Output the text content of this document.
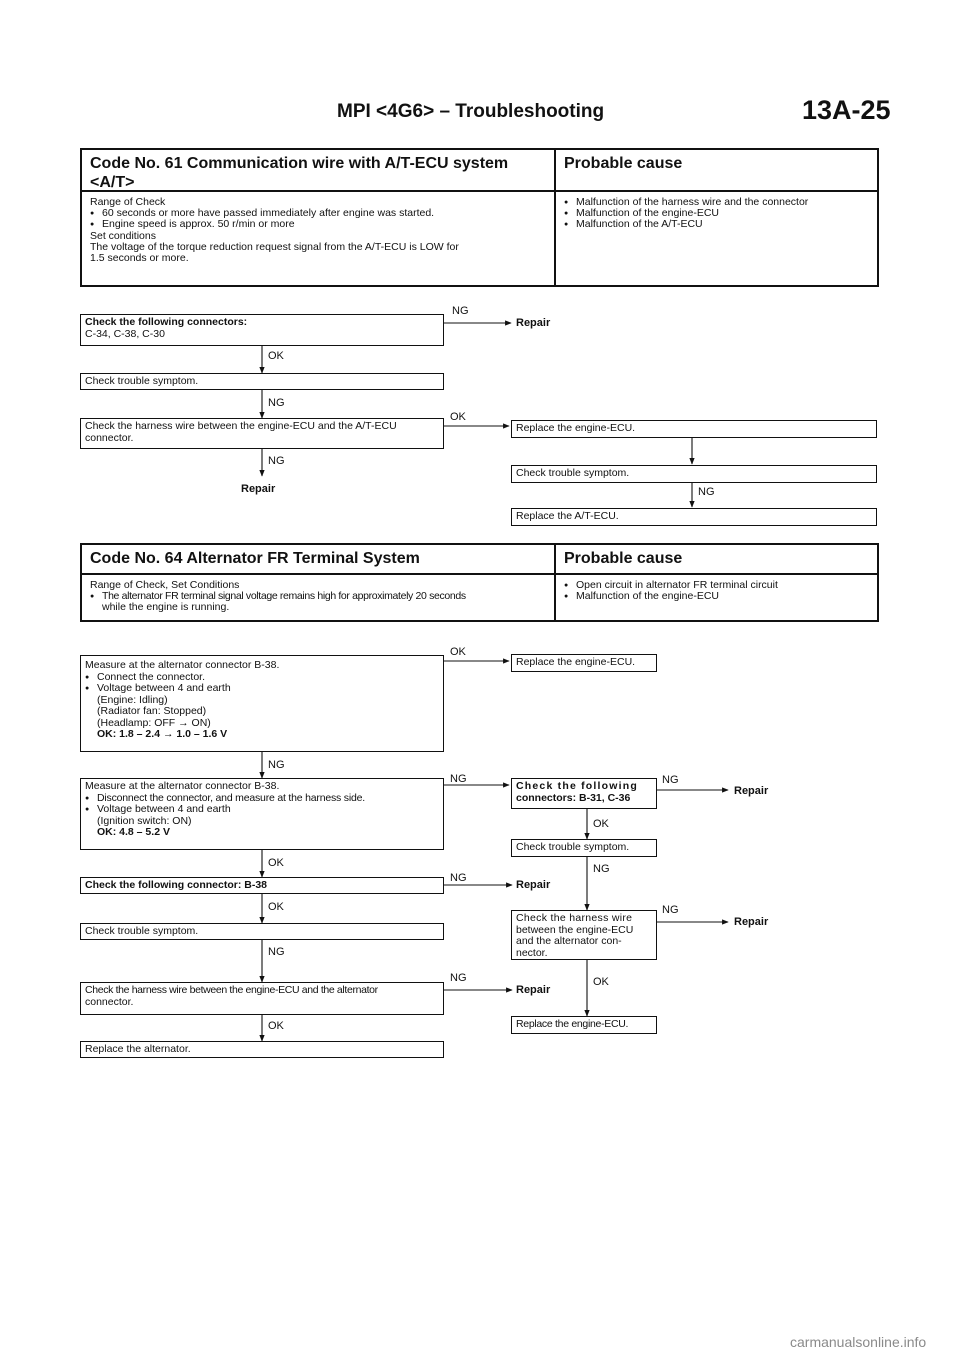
MPI <4G6> – Troubleshooting	13A-25
Code No. 61 Communication wire with A/T-ECU system
<A/T>
Probable cause
Range of Check
● 60 seconds or more have passed immediately after engine was started.
● Engine speed is approx. 50 r/min or more
Set conditions
The voltage of the torque reduction request signal from the A/T-ECU is LOW for
1.5 seconds or more.
● Malfunction of the harness wire and the connector
● Malfunction of the engine-ECU
● Malfunction of the A/T-ECU
Check the following connectors:
C-34, C-38, C-30
NG
Repair
OK
Check trouble symptom.
NG
Check the harness wire between the engine-ECU and the A/T-ECU
connector.
OK
NG
Repair
Replace the engine-ECU.
Check trouble symptom.
NG
Replace the A/T-ECU.
Code No. 64 Alternator FR Terminal System	Probable cause
Range of Check, Set Conditions
● The alternator FR terminal signal voltage remains high for approximately 20 seconds
while the engine is running.
● Open circuit in alternator FR terminal circuit
● Malfunction of the engine-ECU
Measure at the alternator connector B-38.
● Connect the connector.
● Voltage between 4 and earth
(Engine: Idling)
(Radiator fan: Stopped)
(Headlamp: OFF → ON)
OK: 1.8 – 2.4 → 1.0 – 1.6 V
OK
Replace the engine-ECU.
NG
Measure at the alternator connector B-38.
● Disconnect the connector, and measure at the harness side.
● Voltage between 4 and earth
(Ignition switch: ON)
OK: 4.8 – 5.2 V
NG
Check the following
connectors: B-31, C-36
NG
Repair
OK
Check trouble symptom.
OK
Check the following connector: B-38
NG
Repair
NG
Check the harness wire
between the engine-ECU
and the alternator con-
nector.
NG
Repair
OK
Check trouble symptom.
NG
Check the harness wire between the engine-ECU and the alternator
connector.
NG
Repair
OK
Replace the engine-ECU.
OK
Replace the alternator.
carmanualsonline.info
